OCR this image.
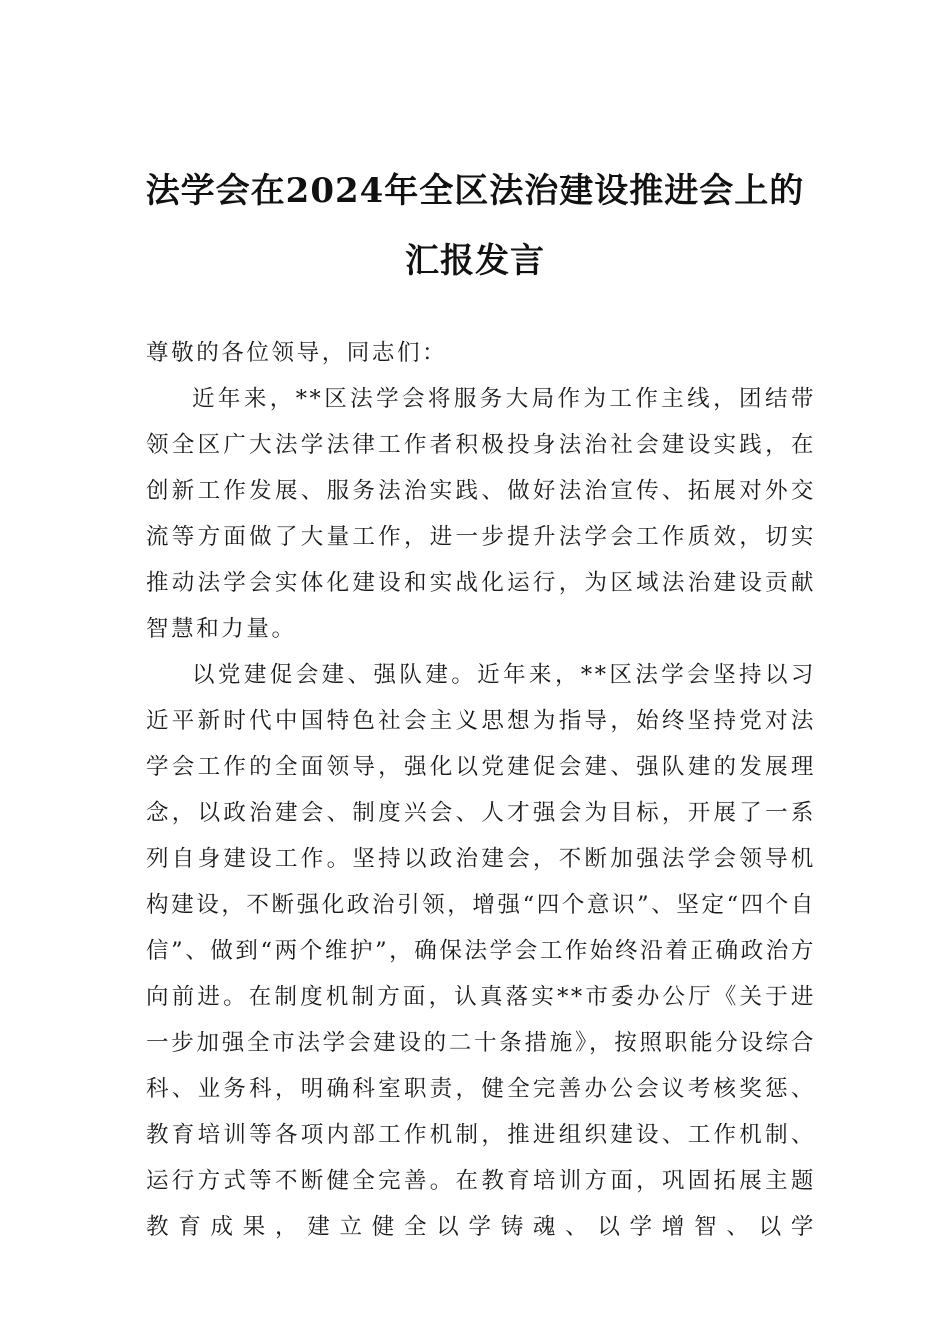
法学会在2024年全区法治建设推进会上的
汇报发言
尊敬的各位领导，同志们：
近年来，**区法学会将服务大局作为工作主线，团结带领全区广大法学法律工作者积极投身法治社会建设实践，在创新工作发展、服务法治实践、做好法治宣传、拓展对外交流等方面做了大量工作，进一步提升法学会工作质效，切实推动法学会实体化建设和实战化运行，为区域法治建设贡献智慧和力量。
以党建促会建、强队建。近年来，**区法学会坚持以习近平新时代中国特色社会主义思想为指导，始终坚持党对法学会工作的全面领导，强化以党建促会建、强队建的发展理念，以政治建会、制度兴会、人才强会为目标，开展了一系列自身建设工作。坚持以政治建会，不断加强法学会领导机构建设，不断强化政治引领，增强“四个意识”、坚定“四个自信”、做到“两个维护”，确保法学会工作始终沿着正确政治方向前进。在制度机制方面，认真落实**市委办公厅《关于进一步加强全市法学会建设的二十条措施》，按照职能分设综合科、业务科，明确科室职责，健全完善办公会议考核奖惩、教育培训等各项内部工作机制，推进组织建设、工作机制、运行方式等不断健全完善。在教育培训方面，巩固拓展主题教育成果，建立健全以学铸魂、以学增智、以学
